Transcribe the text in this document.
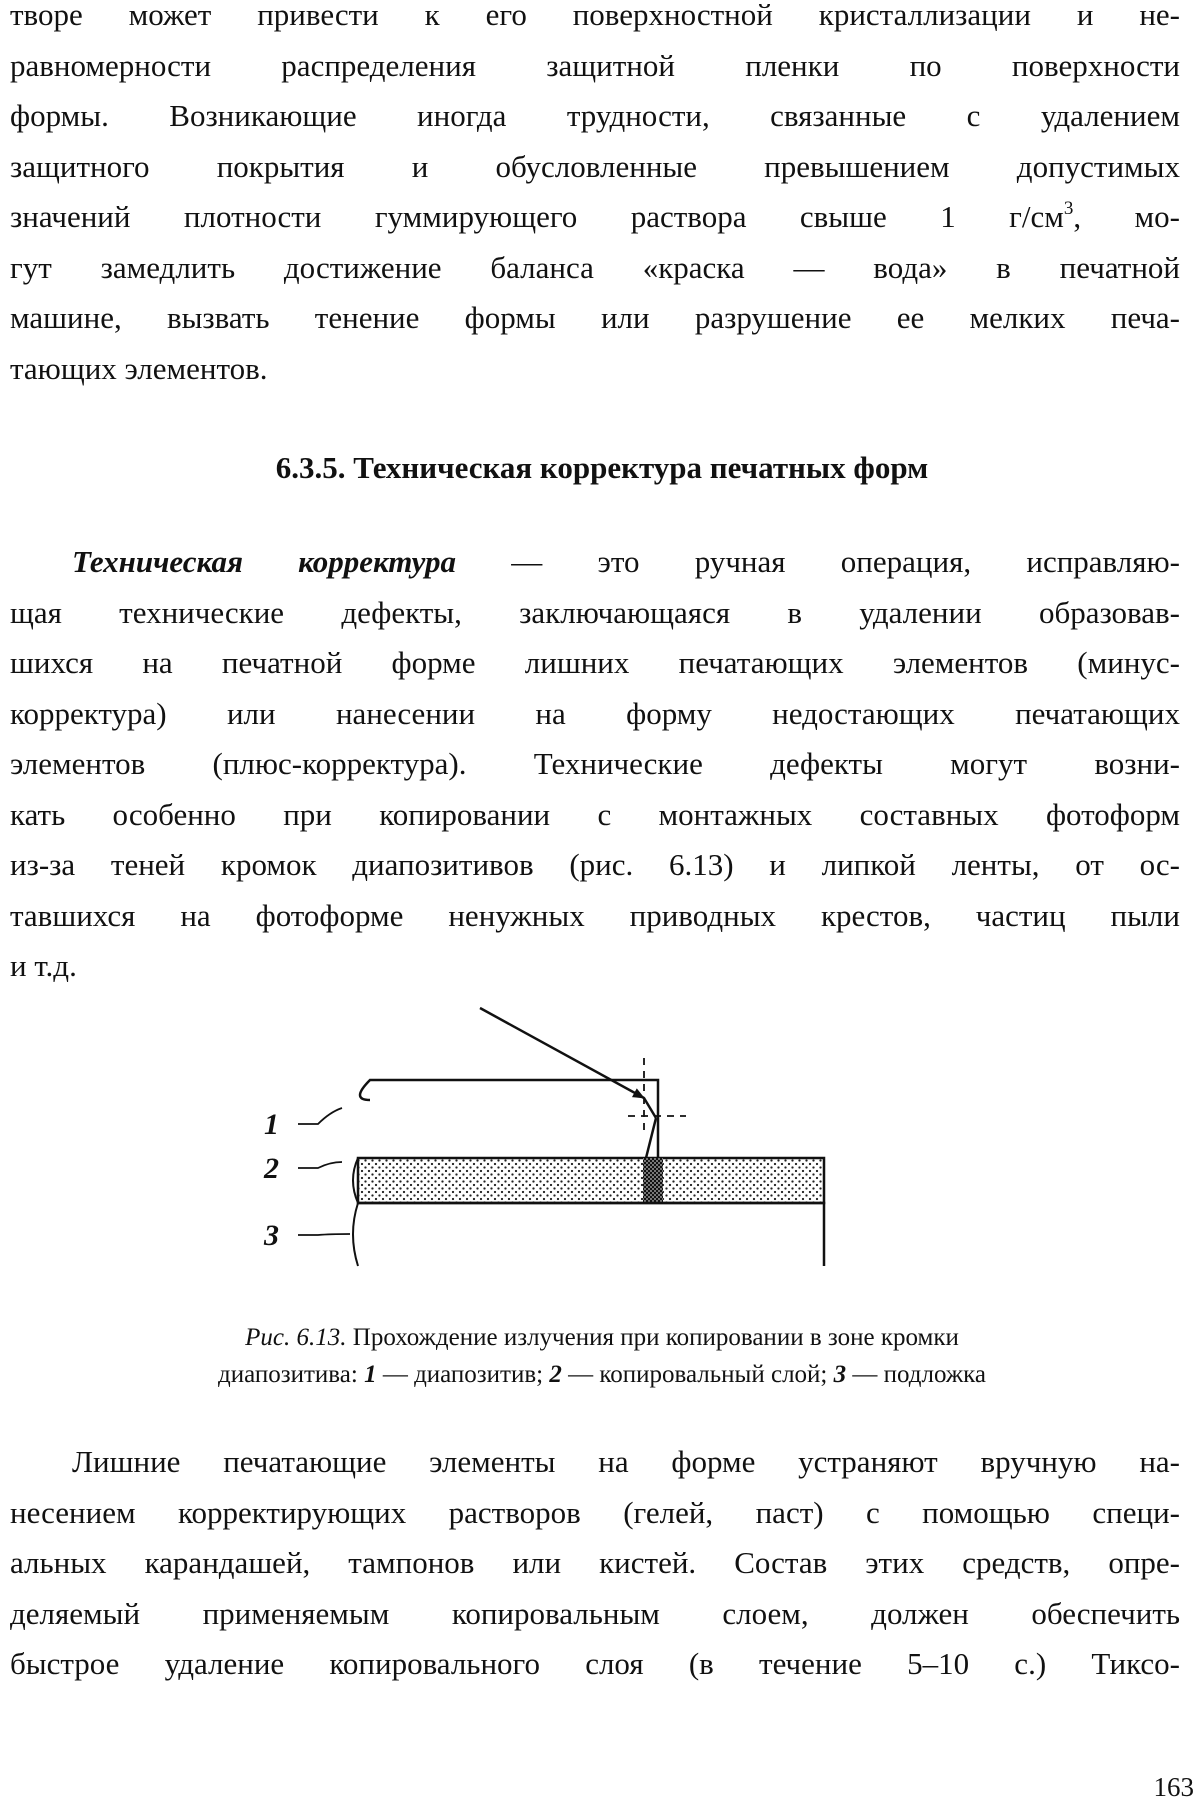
творе может привести к его поверхностной кристаллизации и не-
равномерности распределения защитной пленки по поверхности
формы. Возникающие иногда трудности, связанные с удалением
защитного покрытия и обусловленные превышением допустимых
значений плотности гуммирующего раствора свыше 1 $г/см^3$, мо-
гут замедлить достижение баланса «краска — вода» в печатной
машине, вызвать тенение формы или разрушение ее мелких печа-
тающих элементов.
6.3.5. Техническая корректура печатных форм
Техническая корректура — это ручная операция, исправляю-
щая технические дефекты, заключающаяся в удалении образовав-
шихся на печатной форме лишних печатающих элементов (минус-
корректура) или нанесении на форму недостающих печатающих
элементов (плюс-корректура). Технические дефекты могут возни-
кать особенно при копировании с монтажных составных фотоформ
из-за теней кромок диапозитивов (рис. 6.13) и липкой ленты, от ос-
тавшихся на фотоформе ненужных приводных крестов, частиц пыли
и т.д.
1
2
3
Рис. 6.13. Прохождение излучения при копировании в зоне кромки
диапозитива: 1 — диапозитив; 2 — копировальный слой; 3 — подложка
Лишние печатающие элементы на форме устраняют вручную на-
несением корректирующих растворов (гелей, паст) с помощью специ-
альных карандашей, тампонов или кистей. Состав этих средств, опре-
деляемый применяемым копировальным слоем, должен обеспечить
быстрое удаление копировального слоя (в течение 5–10 с.) Тиксо-
163
